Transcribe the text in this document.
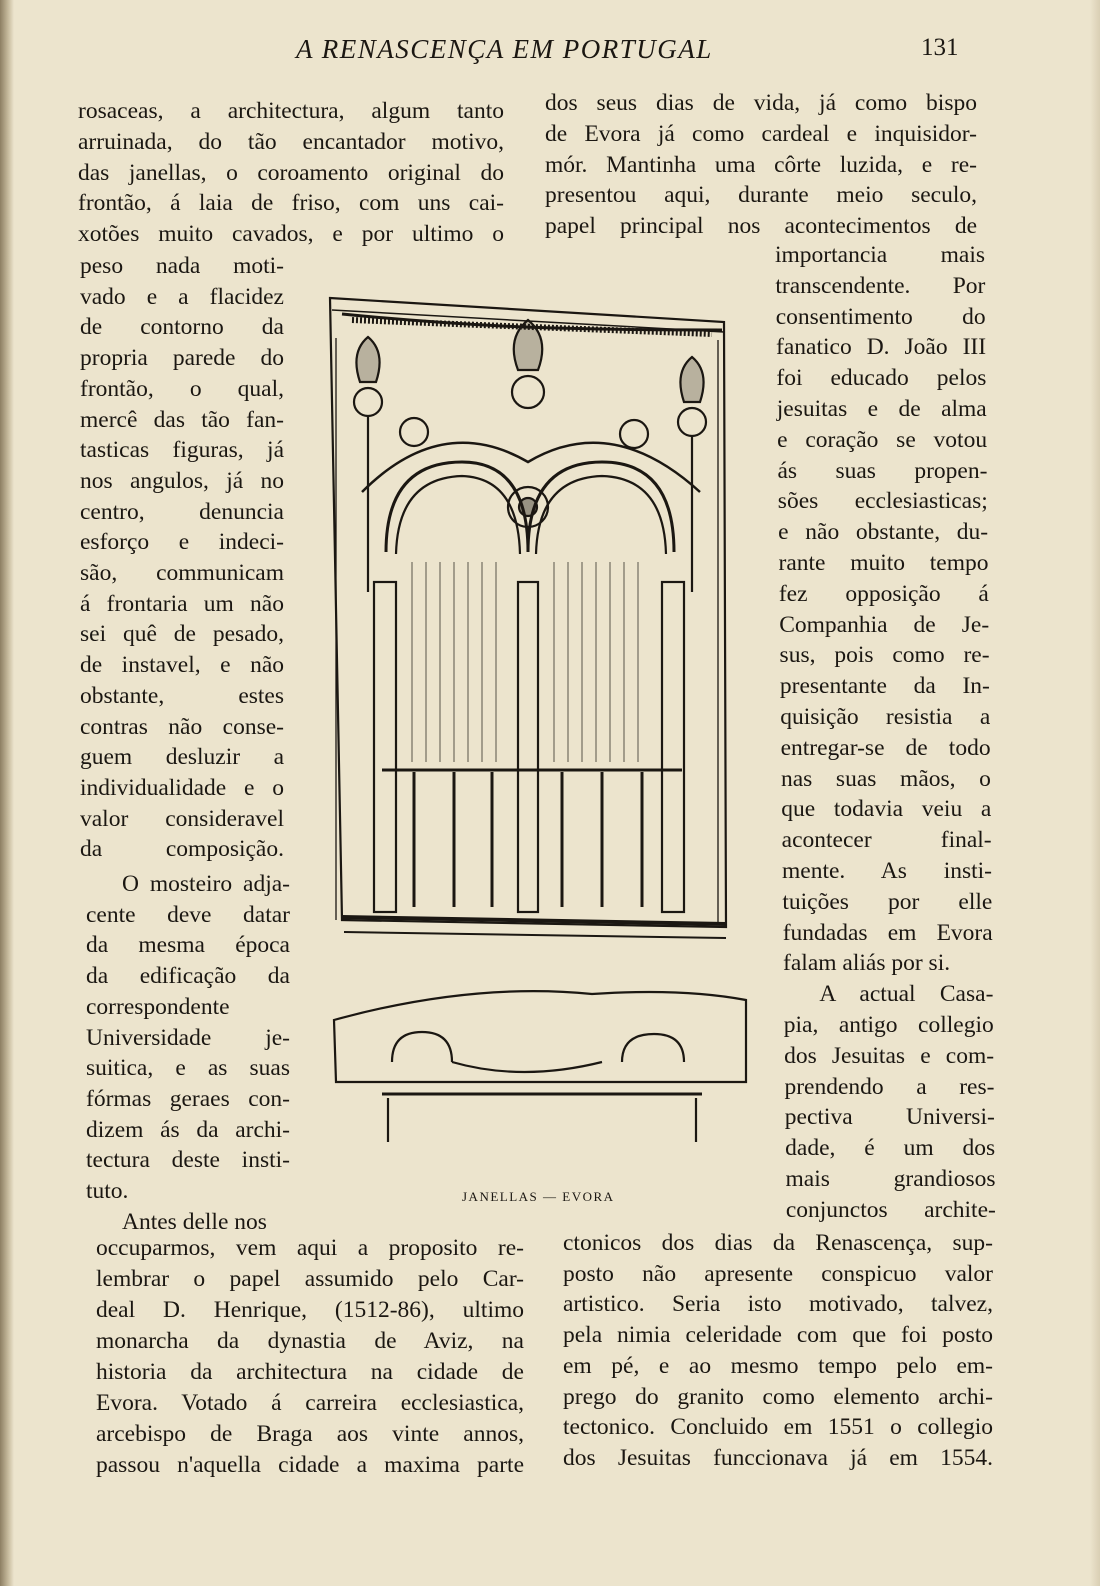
A RENASCENÇA EM PORTUGAL	131
rosaceas, a architectura, algum tanto
arruinada, do tão encantador motivo,
das janellas, o coroamento original do
frontão, á laia de friso, com uns cai-
xotões muito cavados, e por ultimo o
peso nada moti-
vado e a flacidez
de contorno da
propria parede do
frontão, o qual,
mercê das tão fan-
tasticas figuras, já
nos angulos, já no
centro, denuncia
esforço e indeci-
são, communicam
á frontaria um não
sei quê de pesado,
de instavel, e não
obstante, estes
contras não conse-
guem desluzir a
individualidade e o
valor consideravel
da composição.
O mosteiro adja-
cente deve datar
da mesma época
da edificação da
correspondente
Universidade je-
suitica, e as suas
fórmas geraes con-
dizem ás da archi-
tectura deste insti-
tuto.
Antes delle nos
occuparmos, vem aqui a proposito re-
lembrar o papel assumido pelo Car-
deal D. Henrique, (1512-86), ultimo
monarcha da dynastia de Aviz, na
historia da architectura na cidade de
Evora. Votado á carreira ecclesiastica,
arcebispo de Braga aos vinte annos,
passou n'aquella cidade a maxima parte
dos seus dias de vida, já como bispo
de Evora já como cardeal e inquisidor-
mór. Mantinha uma côrte luzida, e re-
presentou aqui, durante meio seculo,
papel principal nos acontecimentos de
importancia mais
transcendente. Por
consentimento do
fanatico D. João III
foi educado pelos
jesuitas e de alma
e coração se votou
ás suas propen-
sões ecclesiasticas;
e não obstante, du-
rante muito tempo
fez opposição á
Companhia de Je-
sus, pois como re-
presentante da In-
quisição resistia a
entregar-se de todo
nas suas mãos, o
que todavia veiu a
acontecer final-
mente. As insti-
tuições por elle
fundadas em Evora
falam aliás por si.
A actual Casa-
pia, antigo collegio
dos Jesuitas e com-
prendendo a res-
pectiva Universi-
dade, é um dos
mais grandiosos
conjunctos archite-
ctonicos dos dias da Renascença, sup-
posto não apresente conspicuo valor
artistico. Seria isto motivado, talvez,
pela nimia celeridade com que foi posto
em pé, e ao mesmo tempo pelo em-
prego do granito como elemento archi-
tectonico. Concluido em 1551 o collegio
dos Jesuitas funccionava já em 1554.
JANELLAS — EVORA
